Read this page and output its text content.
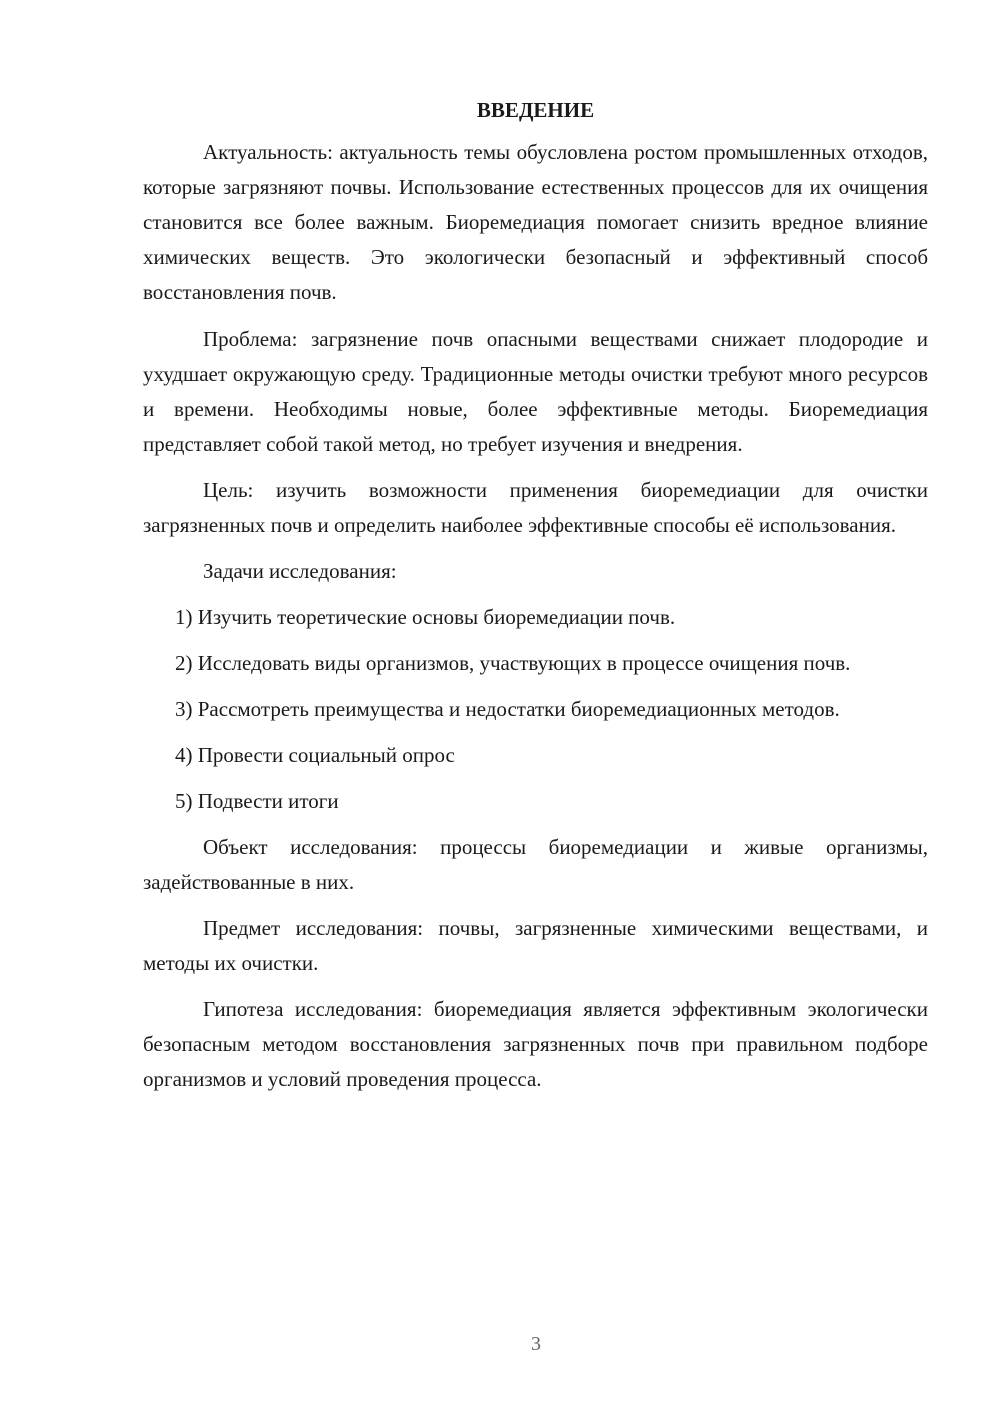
ВВЕДЕНИЕ

Актуальность: актуальность темы обусловлена ростом промышленных отходов, которые загрязняют почвы. Использование естественных процессов для их очищения становится все более важным. Биоремедиация помогает снизить вредное влияние химических веществ. Это экологически безопасный и эффективный способ восстановления почв.

Проблема: загрязнение почв опасными веществами снижает плодородие и ухудшает окружающую среду. Традиционные методы очистки требуют много ресурсов и времени. Необходимы новые, более эффективные методы. Биоремедиация представляет собой такой метод, но требует изучения и внедрения.

Цель: изучить возможности применения биоремедиации для очистки загрязненных почв и определить наиболее эффективные способы её использования.

Задачи исследования:

1) Изучить теоретические основы биоремедиации почв.

2) Исследовать виды организмов, участвующих в процессе очищения почв.

3) Рассмотреть преимущества и недостатки биоремедиационных методов.

4) Провести социальный опрос

5) Подвести итоги

Объект исследования: процессы биоремедиации и живые организмы, задействованные в них.

Предмет исследования: почвы, загрязненные химическими веществами, и методы их очистки.

Гипотеза исследования: биоремедиация является эффективным экологически безопасным методом восстановления загрязненных почв при правильном подборе организмов и условий проведения процесса.

3
